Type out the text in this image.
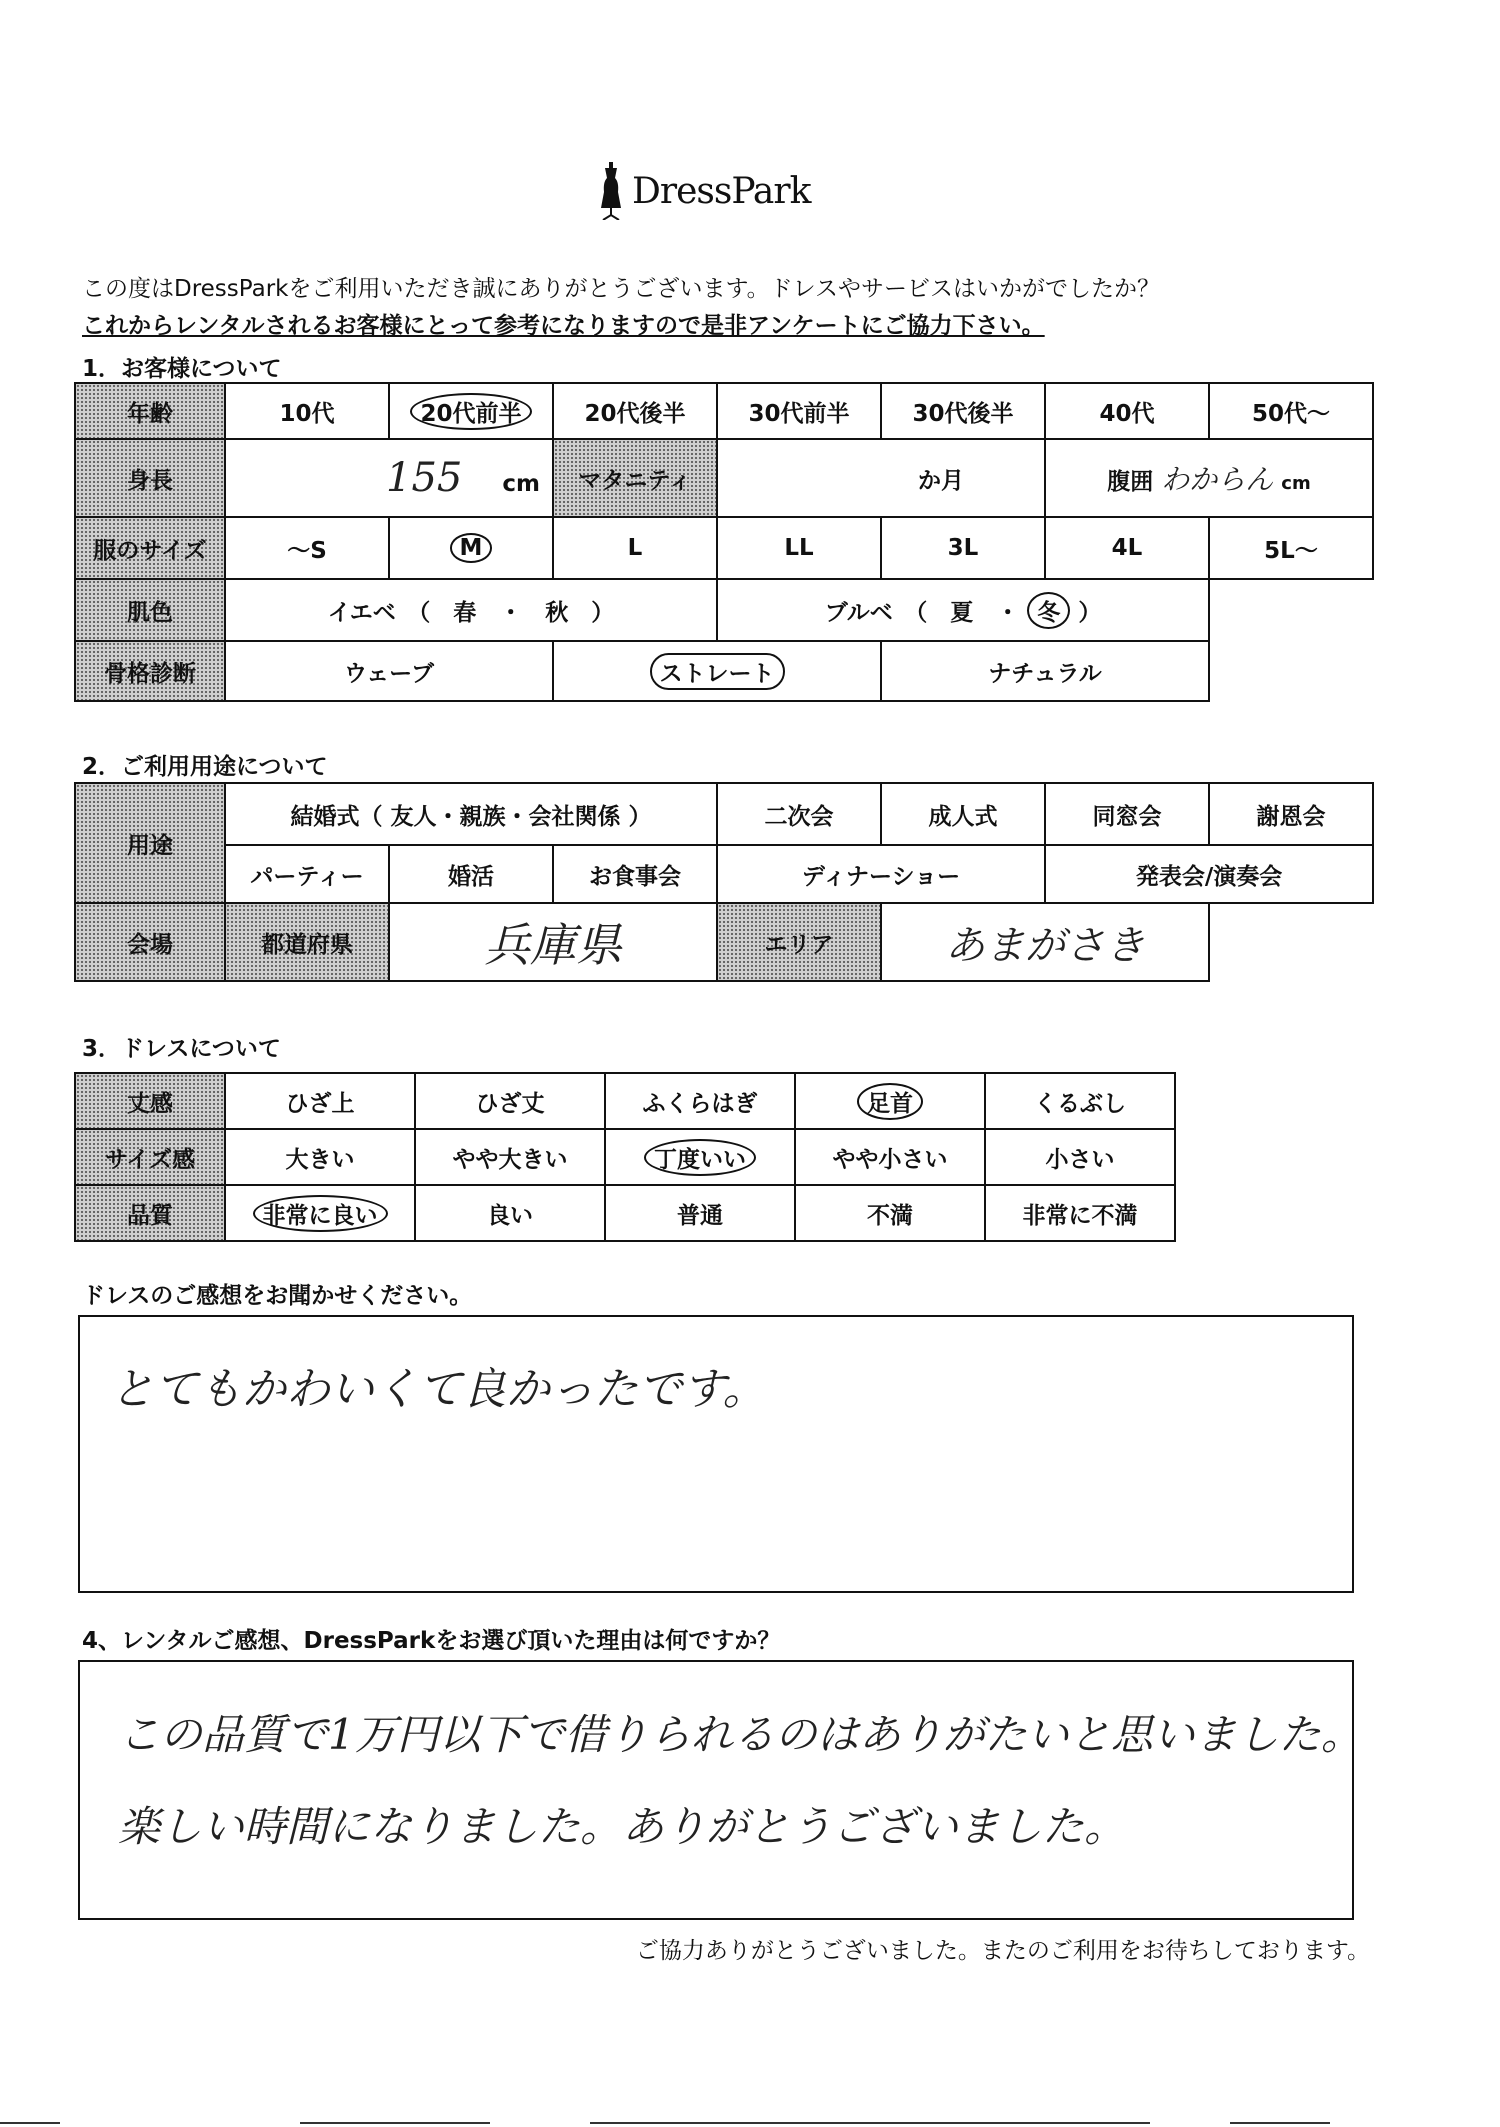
DressPark
この度はDressParkをご利用いただき誠にありがとうございます。ドレスやサービスはいかがでしたか？
これからレンタルされるお客様にとって参考になりますので是非アンケートにご協力下さい。
1．お客様について
年齢	10代	20代前半	20代後半	30代前半	30代後半	40代	50代～
身長	155 cm		マタニティ	か月		腹囲 わからん cm	
服のサイズ	～S	M	L	LL	3L	4L	5L～
肌色	イエベ　（　春　・　秋　）			ブルベ　（　夏　・ 冬 ）			
骨格診断	ウェーブ		ストレート		ナチュラル		
2．ご利用用途について
用途	結婚式（ 友人・親族・会社関係 ）			二次会	成人式	同窓会	謝恩会
	パーティー	婚活	お食事会	ディナーショー		発表会/演奏会	
会場	都道府県	兵庫県		エリア	あまがさき		
3．ドレスについて
丈感	ひざ上	ひざ丈	ふくらはぎ	足首	くるぶし
サイズ感	大きい	やや大きい	丁度いい	やや小さい	小さい
品質	非常に良い	良い	普通	不満	非常に不満
ドレスのご感想をお聞かせください。
とてもかわいくて良かったです。
4、レンタルご感想、DressParkをお選び頂いた理由は何ですか？
この品質で1万円以下で借りられるのはありがたいと思いました。
楽しい時間になりました。ありがとうございました。
ご協力ありがとうございました。またのご利用をお待ちしております。
